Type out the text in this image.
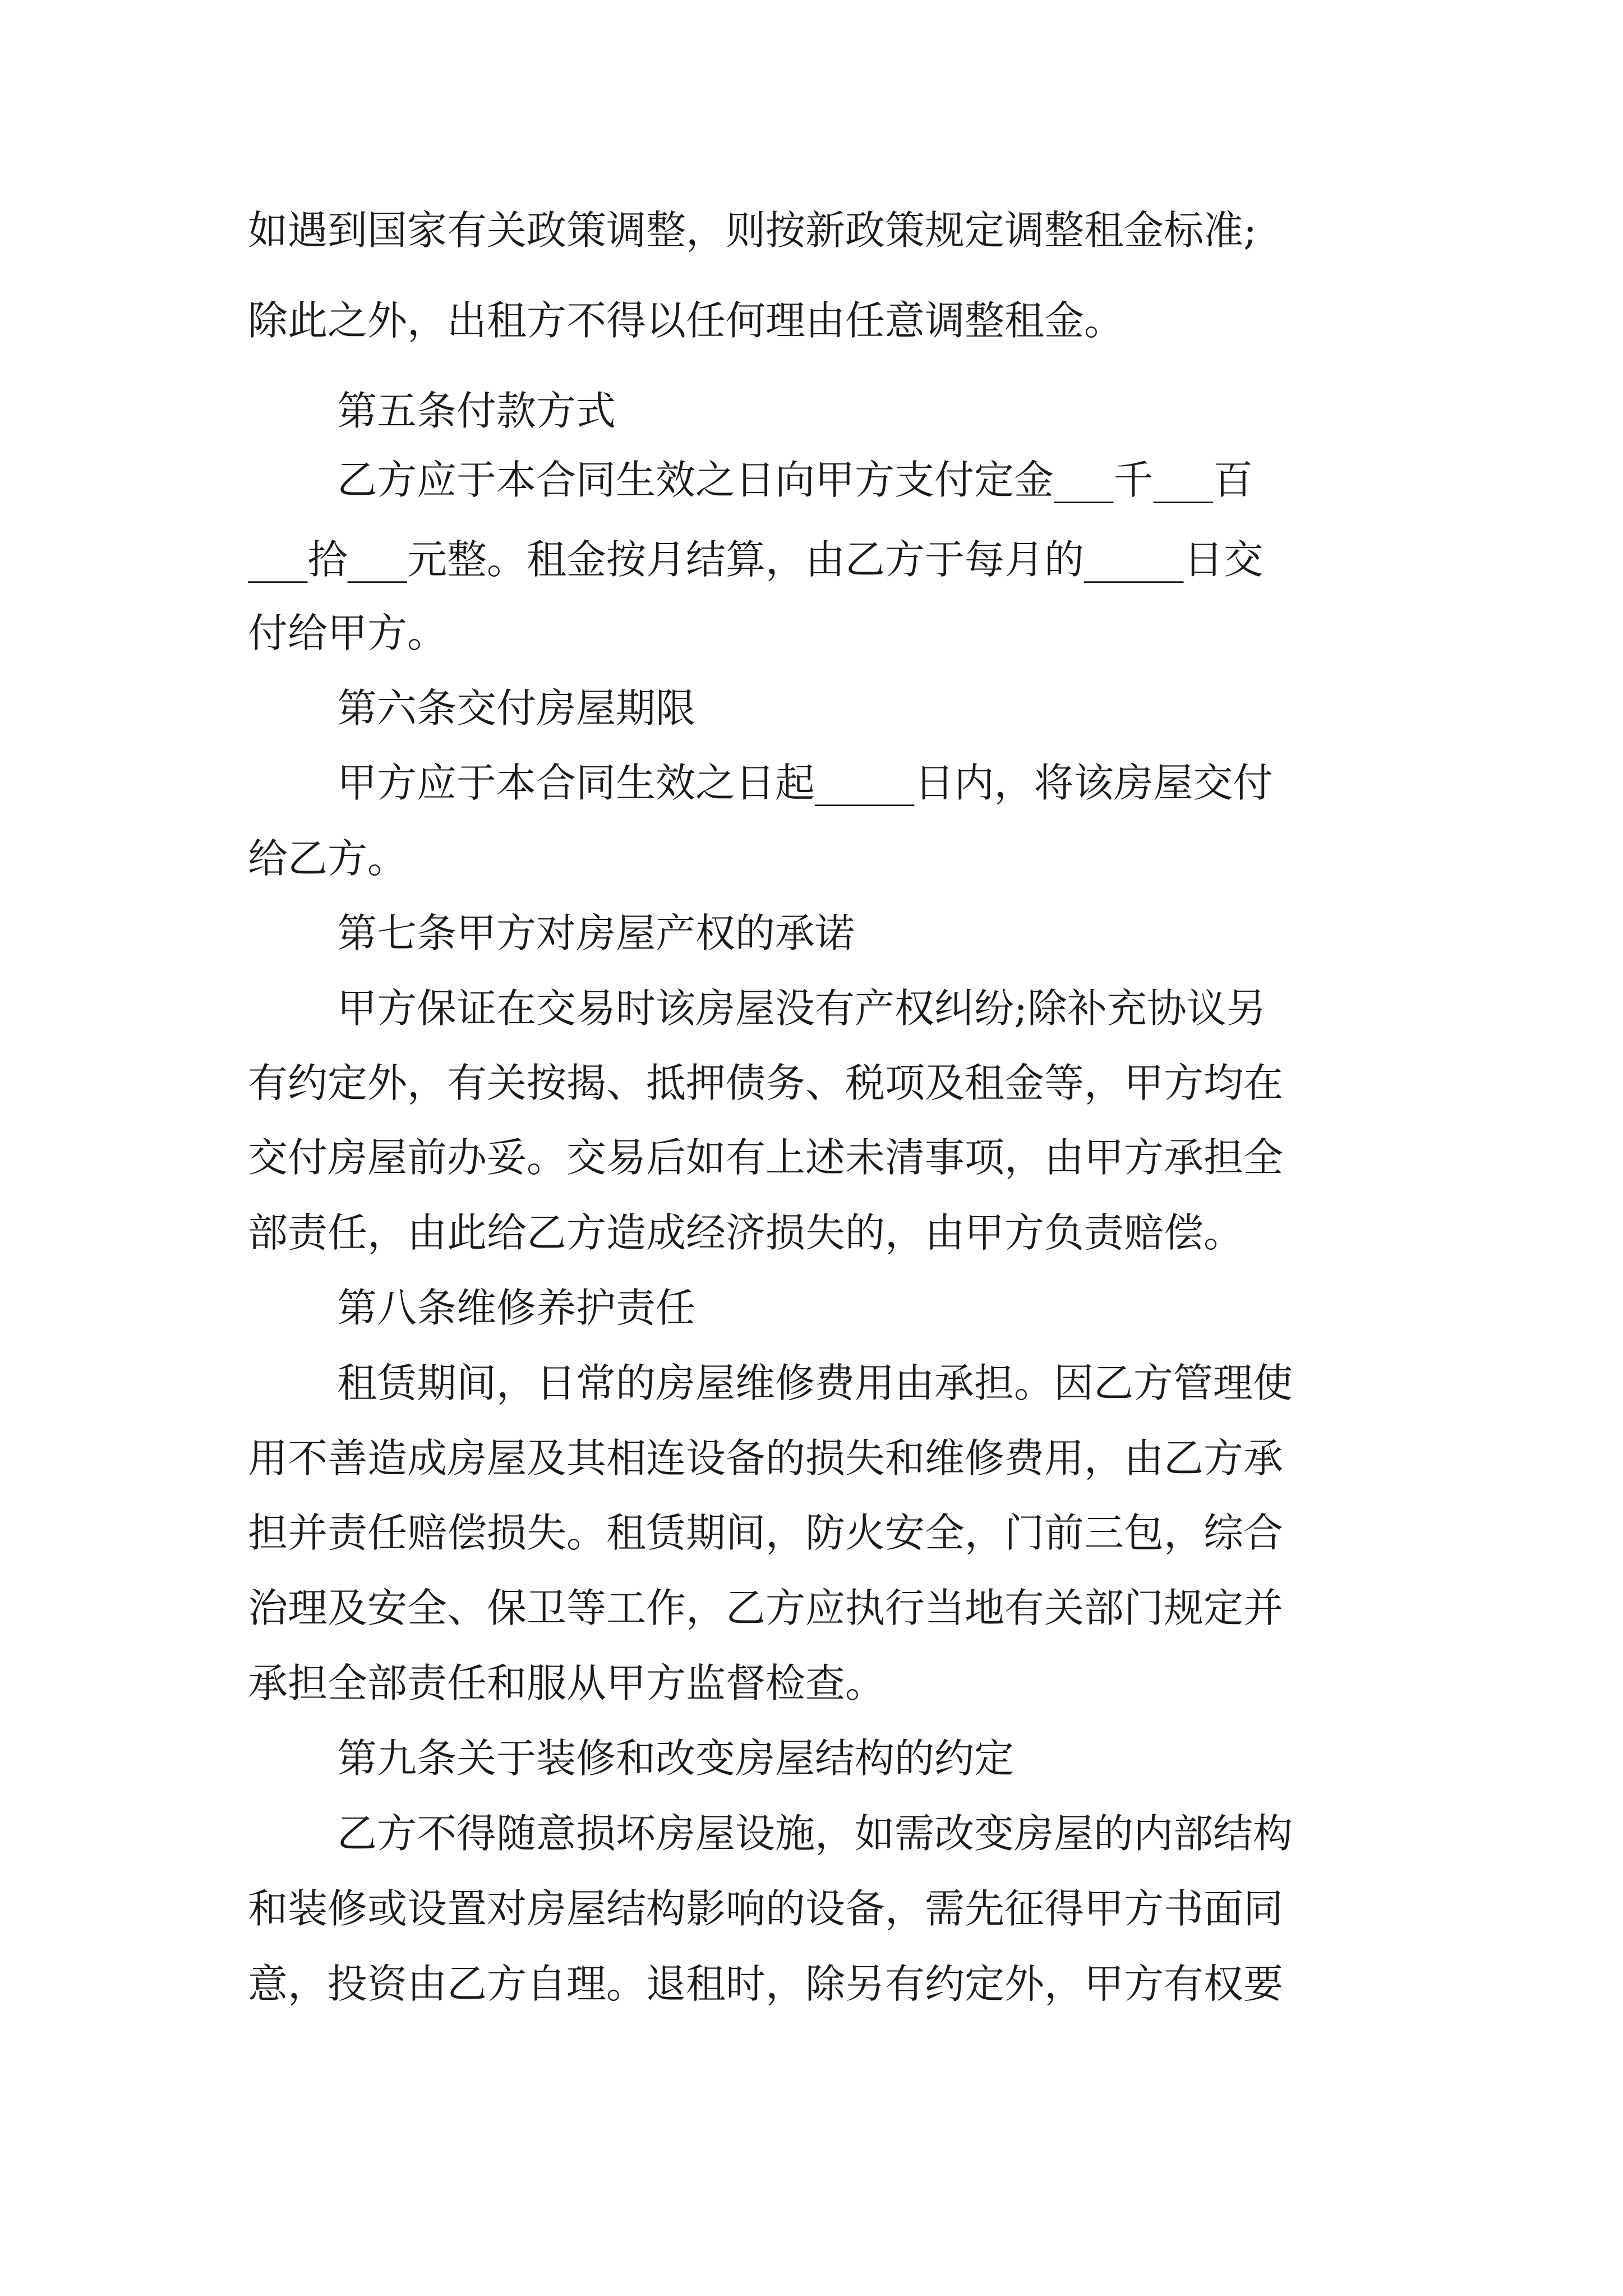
如遇到国家有关政策调整，则按新政策规定调整租金标准;
除此之外，出租方不得以任何理由任意调整租金。
第五条付款方式
乙方应于本合同生效之日向甲方支付定金___千___百
___拾___元整。租金按月结算，由乙方于每月的_____日交
付给甲方。
第六条交付房屋期限
甲方应于本合同生效之日起_____日内，将该房屋交付
给乙方。
第七条甲方对房屋产权的承诺
甲方保证在交易时该房屋没有产权纠纷;除补充协议另
有约定外，有关按揭、抵押债务、税项及租金等，甲方均在
交付房屋前办妥。交易后如有上述未清事项，由甲方承担全
部责任，由此给乙方造成经济损失的，由甲方负责赔偿。
第八条维修养护责任
租赁期间，日常的房屋维修费用由承担。因乙方管理使
用不善造成房屋及其相连设备的损失和维修费用，由乙方承
担并责任赔偿损失。租赁期间，防火安全，门前三包，综合
治理及安全、保卫等工作，乙方应执行当地有关部门规定并
承担全部责任和服从甲方监督检查。
第九条关于装修和改变房屋结构的约定
乙方不得随意损坏房屋设施，如需改变房屋的内部结构
和装修或设置对房屋结构影响的设备，需先征得甲方书面同
意，投资由乙方自理。退租时，除另有约定外，甲方有权要
